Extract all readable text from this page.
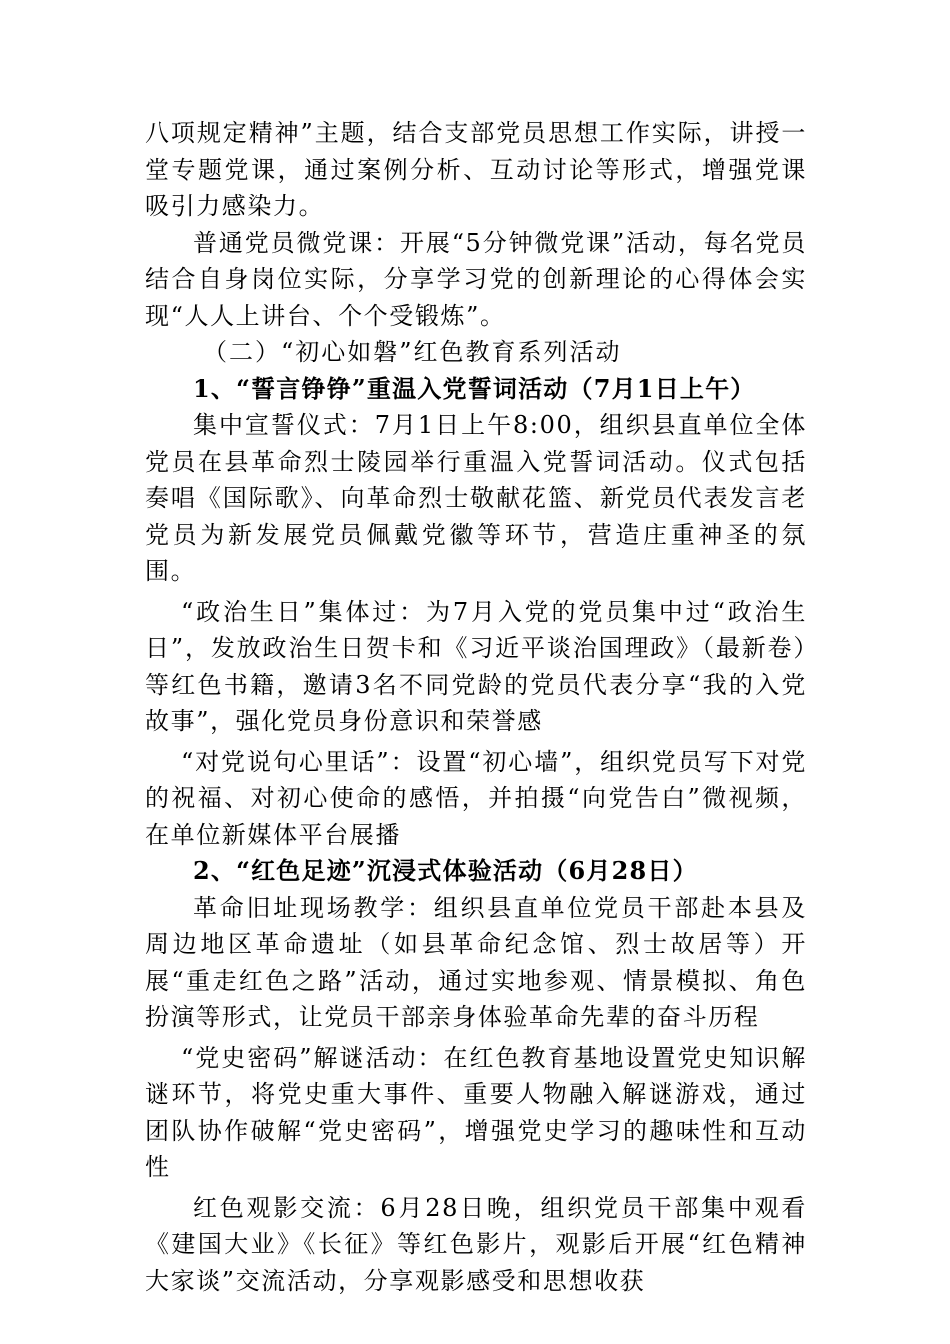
八项规定精神”主题，结合支部党员思想工作实际，讲授一堂专题党课，通过案例分析、互动讨论等形式，增强党课吸引力感染力。

普通党员微党课：开展“5分钟微党课”活动，每名党员结合自身岗位实际，分享学习党的创新理论的心得体会实现“人人上讲台、个个受锻炼”。

（二）“初心如磐”红色教育系列活动

1、“誓言铮铮”重温入党誓词活动（7月1日上午）

集中宣誓仪式：7月1日上午8:00，组织县直单位全体党员在县革命烈士陵园举行重温入党誓词活动。仪式包括奏唱《国际歌》、向革命烈士敬献花篮、新党员代表发言老党员为新发展党员佩戴党徽等环节，营造庄重神圣的氛围。

“政治生日”集体过：为7月入党的党员集中过“政治生日”，发放政治生日贺卡和《习近平谈治国理政》（最新卷）等红色书籍，邀请3名不同党龄的党员代表分享“我的入党故事”，强化党员身份意识和荣誉感

“对党说句心里话”：设置“初心墙”，组织党员写下对党的祝福、对初心使命的感悟，并拍摄“向党告白”微视频，在单位新媒体平台展播

2、“红色足迹”沉浸式体验活动（6月28日）

革命旧址现场教学：组织县直单位党员干部赴本县及周边地区革命遗址（如县革命纪念馆、烈士故居等）开展“重走红色之路”活动，通过实地参观、情景模拟、角色扮演等形式，让党员干部亲身体验革命先辈的奋斗历程

“党史密码”解谜活动：在红色教育基地设置党史知识解谜环节，将党史重大事件、重要人物融入解谜游戏，通过团队协作破解“党史密码”，增强党史学习的趣味性和互动性

红色观影交流：6月28日晚，组织党员干部集中观看《建国大业》《长征》等红色影片，观影后开展“红色精神大家谈”交流活动，分享观影感受和思想收获
